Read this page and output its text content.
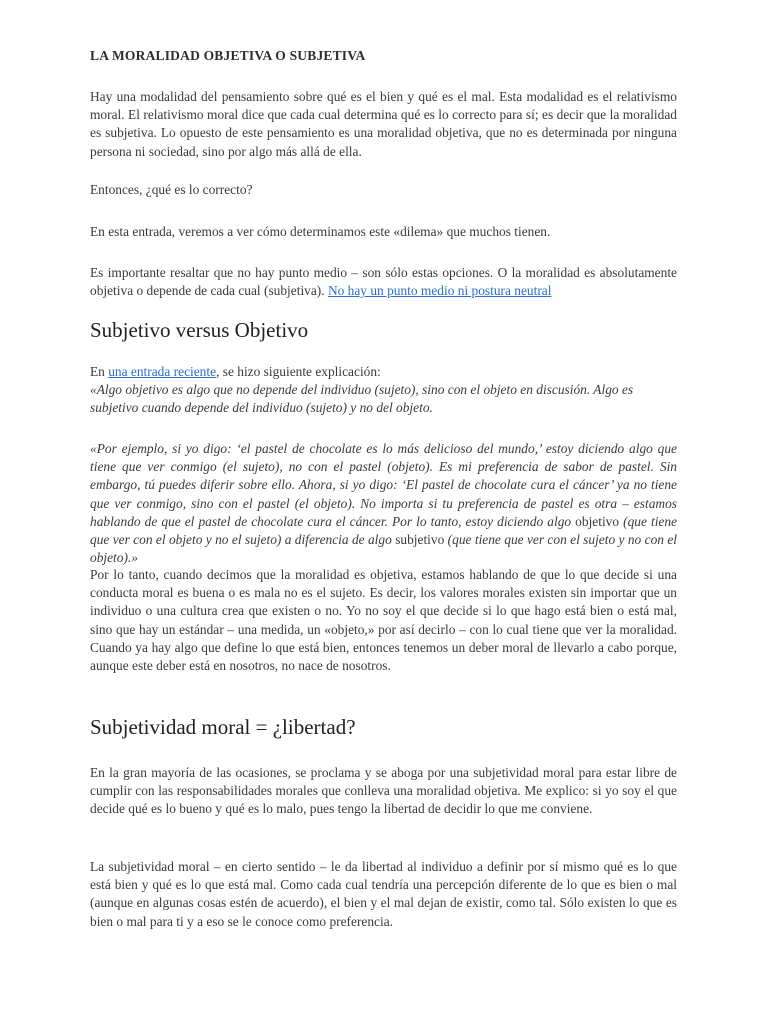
LA MORALIDAD OBJETIVA O SUBJETIVA

Hay una modalidad del pensamiento sobre qué es el bien y qué es el mal. Esta modalidad es el relativismo moral. El relativismo moral dice que cada cual determina qué es lo correcto para sí; es decir que la moralidad es subjetiva. Lo opuesto de este pensamiento es una moralidad objetiva, que no es determinada por ninguna persona ni sociedad, sino por algo más allá de ella.

Entonces, ¿qué es lo correcto?

En esta entrada, veremos a ver cómo determinamos este «dilema» que muchos tienen.

Es importante resaltar que no hay punto medio – son sólo estas opciones. O la moralidad es absolutamente objetiva o depende de cada cual (subjetiva). No hay un punto medio ni postura neutral

Subjetivo versus Objetivo

En una entrada reciente, se hizo siguiente explicación:

«Algo objetivo es algo que no depende del individuo (sujeto), sino con el objeto en discusión. Algo es subjetivo cuando depende del individuo (sujeto) y no del objeto.

«Por ejemplo, si yo digo: ‘el pastel de chocolate es lo más delicioso del mundo,’ estoy diciendo algo que tiene que ver conmigo (el sujeto), no con el pastel (objeto). Es mi preferencia de sabor de pastel. Sin embargo, tú puedes diferir sobre ello. Ahora, si yo digo: ‘El pastel de chocolate cura el cáncer’ ya no tiene que ver conmigo, sino con el pastel (el objeto). No importa si tu preferencia de pastel es otra – estamos hablando de que el pastel de chocolate cura el cáncer. Por lo tanto, estoy diciendo algo objetivo (que tiene que ver con el objeto y no el sujeto) a diferencia de algo subjetivo (que tiene que ver con el sujeto y no con el objeto).»

Por lo tanto, cuando decimos que la moralidad es objetiva, estamos hablando de que lo que decide si una conducta moral es buena o es mala no es el sujeto. Es decir, los valores morales existen sin importar que un individuo o una cultura crea que existen o no. Yo no soy el que decide si lo que hago está bien o está mal, sino que hay un estándar – una medida, un «objeto,» por así decirlo – con lo cual tiene que ver la moralidad. Cuando ya hay algo que define lo que está bien, entonces tenemos un deber moral de llevarlo a cabo porque, aunque este deber está en nosotros, no nace de nosotros.

Subjetividad moral = ¿libertad?

En la gran mayoría de las ocasiones, se proclama y se aboga por una subjetividad moral para estar libre de cumplir con las responsabilidades morales que conlleva una moralidad objetiva. Me explico: si yo soy el que decide qué es lo bueno y qué es lo malo, pues tengo la libertad de decidir lo que me conviene.

La subjetividad moral – en cierto sentido – le da libertad al individuo a definir por sí mismo qué es lo que está bien y qué es lo que está mal. Como cada cual tendría una percepción diferente de lo que es bien o mal (aunque en algunas cosas estén de acuerdo), el bien y el mal dejan de existir, como tal. Sólo existen lo que es bien o mal para ti y a eso se le conoce como preferencia.
